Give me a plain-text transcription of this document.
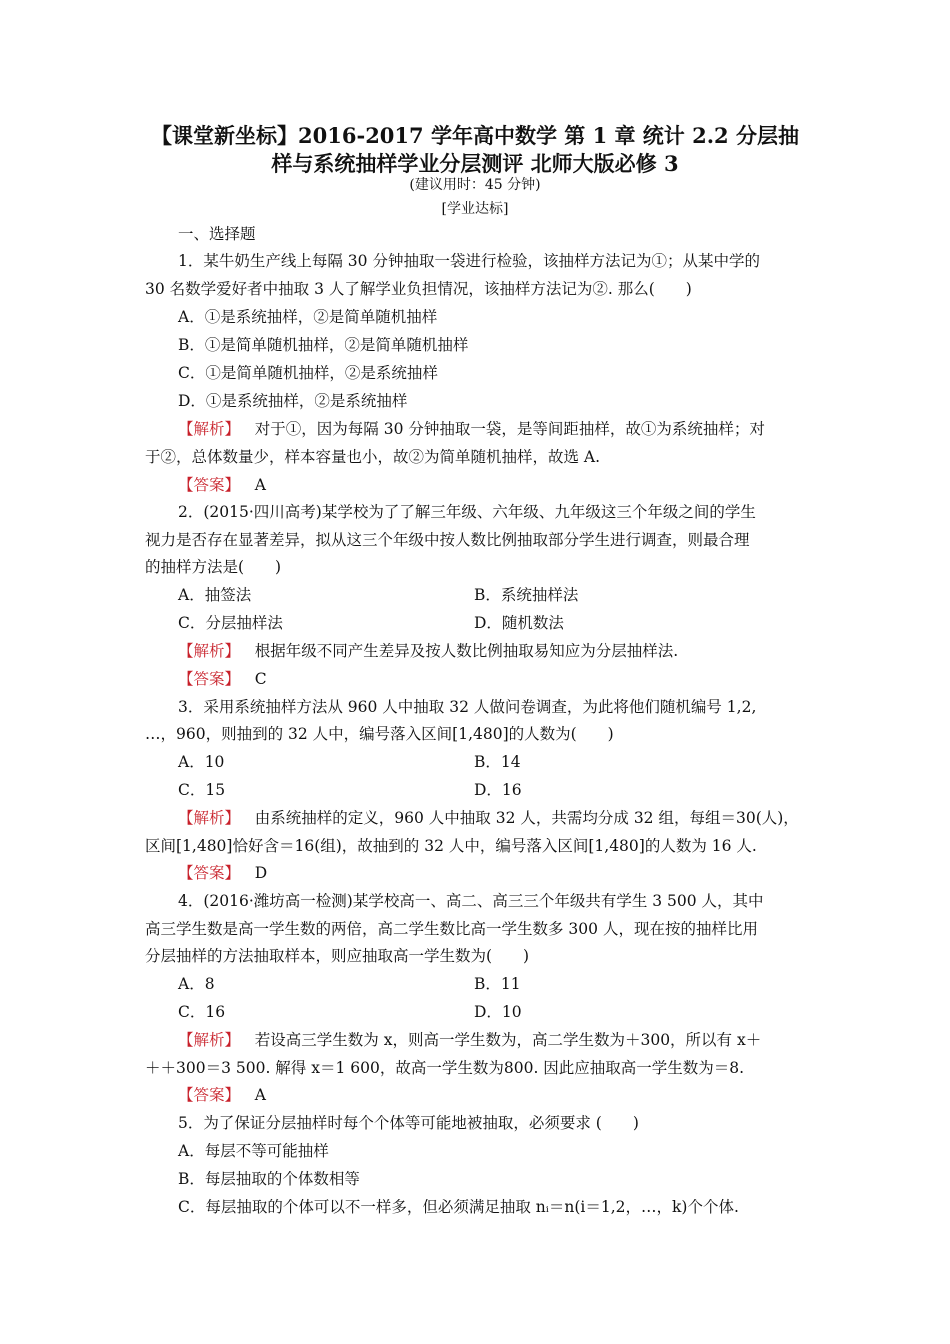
【课堂新坐标】2016-2017 学年高中数学 第 1 章 统计 2.2 分层抽
样与系统抽样学业分层测评 北师大版必修 3
(建议用时：45 分钟)
[学业达标]
一、选择题
1．某牛奶生产线上每隔 30 分钟抽取一袋进行检验，该抽样方法记为①；从某中学的
30 名数学爱好者中抽取 3 人了解学业负担情况，该抽样方法记为②. 那么(　　)
A．①是系统抽样，②是简单随机抽样
B．①是简单随机抽样，②是简单随机抽样
C．①是简单随机抽样，②是系统抽样
D．①是系统抽样，②是系统抽样
【解析】 对于①，因为每隔 30 分钟抽取一袋，是等间距抽样，故①为系统抽样；对
于②，总体数量少，样本容量也小，故②为简单随机抽样，故选 A.
【答案】 A
2．(2015·四川高考)某学校为了了解三年级、六年级、九年级这三个年级之间的学生
视力是否存在显著差异，拟从这三个年级中按人数比例抽取部分学生进行调查，则最合理
的抽样方法是(　　)
A．抽签法	B．系统抽样法
C．分层抽样法	D．随机数法
【解析】 根据年级不同产生差异及按人数比例抽取易知应为分层抽样法.
【答案】 C
3．采用系统抽样方法从 960 人中抽取 32 人做问卷调查，为此将他们随机编号 1,2,
…，960，则抽到的 32 人中，编号落入区间[1,480]的人数为(　　)
A．10	B．14
C．15	D．16
【解析】 由系统抽样的定义，960 人中抽取 32 人，共需均分成 32 组，每组＝30(人)，
区间[1,480]恰好含＝16(组)，故抽到的 32 人中，编号落入区间[1,480]的人数为 16 人.
【答案】 D
4．(2016·潍坊高一检测)某学校高一、高二、高三三个年级共有学生 3 500 人，其中
高三学生数是高一学生数的两倍，高二学生数比高一学生数多 300 人，现在按的抽样比用
分层抽样的方法抽取样本，则应抽取高一学生数为(　　)
A．8	B．11
C．16	D．10
【解析】 若设高三学生数为 x，则高一学生数为，高二学生数为＋300，所以有 x＋
＋＋300＝3 500. 解得 x＝1 600，故高一学生数为800. 因此应抽取高一学生数为＝8.
【答案】 A
5．为了保证分层抽样时每个个体等可能地被抽取，必须要求 (　　)
A．每层不等可能抽样
B．每层抽取的个体数相等
C．每层抽取的个体可以不一样多，但必须满足抽取 nᵢ＝n(i＝1,2，…，k)个个体.
